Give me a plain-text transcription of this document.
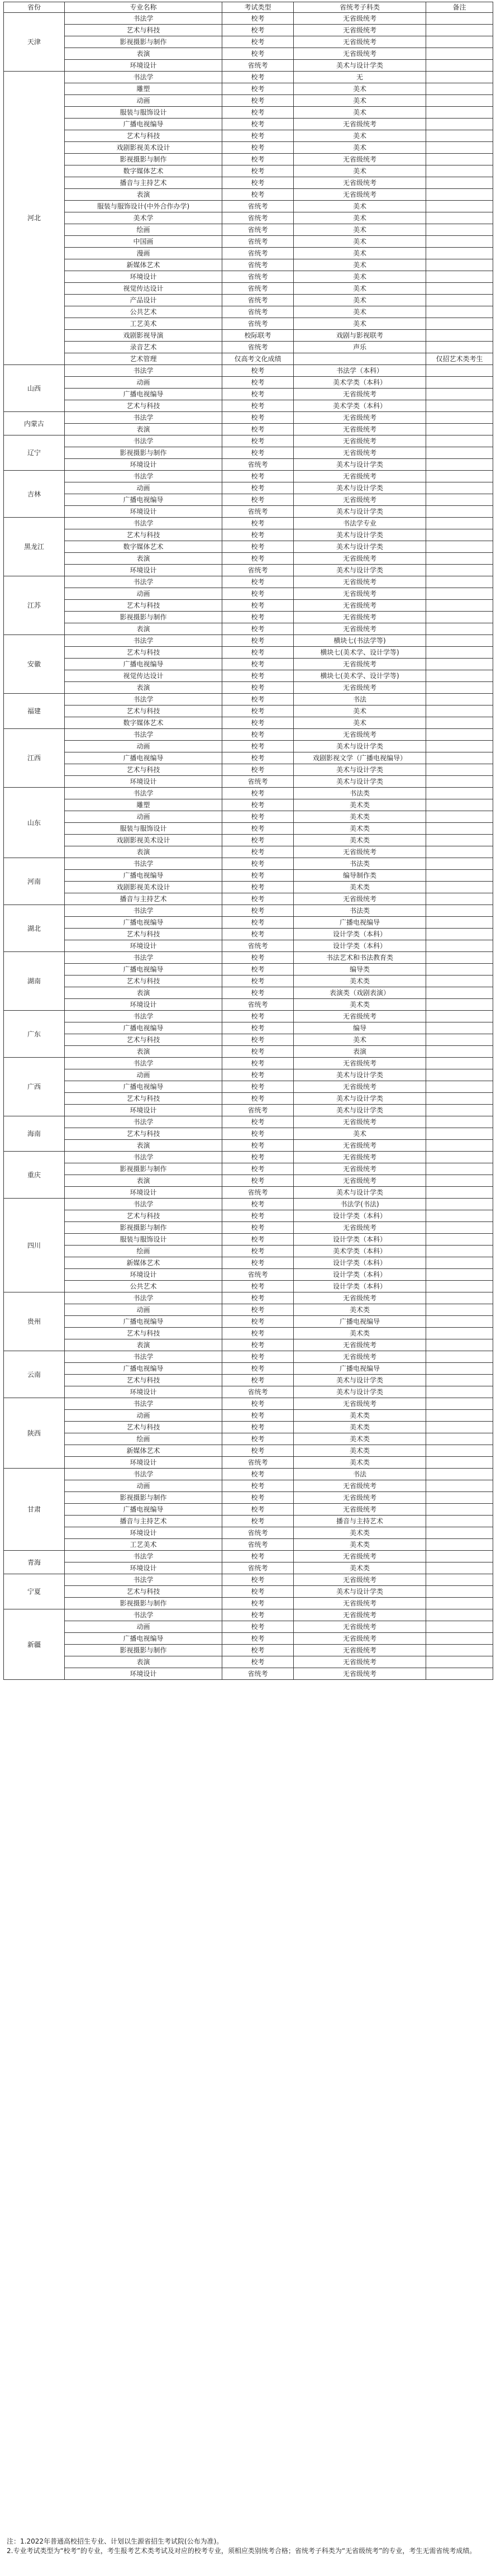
省份	专业名称	考试类型	省统考子科类	备注
天津	书法学	校考	无省级统考	
	艺术与科技	校考	无省级统考	
	影视摄影与制作	校考	无省级统考	
	表演	校考	无省级统考	
	环境设计	省统考	美术与设计学类	
河北	书法学	校考	无	
	雕塑	校考	美术	
	动画	校考	美术	
	服装与服饰设计	校考	美术	
	广播电视编导	校考	无省级统考	
	艺术与科技	校考	美术	
	戏剧影视美术设计	校考	美术	
	影视摄影与制作	校考	无省级统考	
	数字媒体艺术	校考	美术	
	播音与主持艺术	校考	无省级统考	
	表演	校考	无省级统考	
	服装与服饰设计(中外合作办学)	省统考	美术	
	美术学	省统考	美术	
	绘画	省统考	美术	
	中国画	省统考	美术	
	漫画	省统考	美术	
	新媒体艺术	省统考	美术	
	环境设计	省统考	美术	
	视觉传达设计	省统考	美术	
	产品设计	省统考	美术	
	公共艺术	省统考	美术	
	工艺美术	省统考	美术	
	戏剧影视导演	校际联考	戏剧与影视联考	
	录音艺术	省统考	声乐	
	艺术管理	仅高考文化成绩		仅招艺术类考生
山西	书法学	校考	书法学（本科）	
	动画	校考	美术学类（本科）	
	广播电视编导	校考	无省级统考	
	艺术与科技	校考	美术学类（本科）	
内蒙古	书法学	校考	无省级统考	
	表演	校考	无省级统考	
辽宁	书法学	校考	无省级统考	
	影视摄影与制作	校考	无省级统考	
	环境设计	省统考	美术与设计学类	
吉林	书法学	校考	无省级统考	
	动画	校考	美术与设计学类	
	广播电视编导	校考	无省级统考	
	环境设计	省统考	美术与设计学类	
黑龙江	书法学	校考	书法学专业	
	艺术与科技	校考	美术与设计学类	
	数字媒体艺术	校考	美术与设计学类	
	表演	校考	无省级统考	
	环境设计	省统考	美术与设计学类	
江苏	书法学	校考	无省级统考	
	动画	校考	无省级统考	
	艺术与科技	校考	无省级统考	
	影视摄影与制作	校考	无省级统考	
	表演	校考	无省级统考	
安徽	书法学	校考	横块七(书法学等)	
	艺术与科技	校考	横块七(美术学、设计学等)	
	广播电视编导	校考	无省级统考	
	视觉传达设计	校考	横块七(美术学、设计学等)	
	表演	校考	无省级统考	
福建	书法学	校考	书法	
	艺术与科技	校考	美术	
	数字媒体艺术	校考	美术	
江西	书法学	校考	无省级统考	
	动画	校考	美术与设计学类	
	广播电视编导	校考	戏剧影视文学（广播电视编导）	
	艺术与科技	校考	美术与设计学类	
	环境设计	省统考	美术与设计学类	
山东	书法学	校考	书法类	
	雕塑	校考	美术类	
	动画	校考	美术类	
	服装与服饰设计	校考	美术类	
	戏剧影视美术设计	校考	美术类	
	表演	校考	无省级统考	
河南	书法学	校考	书法类	
	广播电视编导	校考	编导制作类	
	戏剧影视美术设计	校考	美术类	
	播音与主持艺术	校考	无省级统考	
湖北	书法学	校考	书法类	
	广播电视编导	校考	广播电视编导	
	艺术与科技	校考	设计学类（本科）	
	环境设计	省统考	设计学类（本科）	
湖南	书法学	校考	书法艺术和书法教育类	
	广播电视编导	校考	编导类	
	艺术与科技	校考	美术类	
	表演	校考	表演类（戏剧表演）	
	环境设计	省统考	美术类	
广东	书法学	校考	无省级统考	
	广播电视编导	校考	编导	
	艺术与科技	校考	美术	
	表演	校考	表演	
广西	书法学	校考	无省级统考	
	动画	校考	美术与设计学类	
	广播电视编导	校考	无省级统考	
	艺术与科技	校考	美术与设计学类	
	环境设计	省统考	美术与设计学类	
海南	书法学	校考	无省级统考	
	艺术与科技	校考	美术	
	表演	校考	无省级统考	
重庆	书法学	校考	无省级统考	
	影视摄影与制作	校考	无省级统考	
	表演	校考	无省级统考	
	环境设计	省统考	美术与设计学类	
四川	书法学	校考	书法学(书法)	
	艺术与科技	校考	设计学类（本科）	
	影视摄影与制作	校考	无省级统考	
	服装与服饰设计	校考	设计学类（本科）	
	绘画	校考	美术学类（本科）	
	新媒体艺术	校考	设计学类（本科）	
	环境设计	省统考	设计学类（本科）	
	公共艺术	校考	设计学类（本科）	
贵州	书法学	校考	无省级统考	
	动画	校考	美术类	
	广播电视编导	校考	广播电视编导	
	艺术与科技	校考	美术类	
	表演	校考	无省级统考	
云南	书法学	校考	无省级统考	
	广播电视编导	校考	广播电视编导	
	艺术与科技	校考	美术与设计学类	
	环境设计	省统考	美术与设计学类	
陕西	书法学	校考	无省级统考	
	动画	校考	美术类	
	艺术与科技	校考	美术类	
	绘画	校考	美术类	
	新媒体艺术	校考	美术类	
	环境设计	省统考	美术类	
甘肃	书法学	校考	书法	
	动画	校考	无省级统考	
	影视摄影与制作	校考	无省级统考	
	广播电视编导	校考	无省级统考	
	播音与主持艺术	校考	播音与主持艺术	
	环境设计	省统考	美术类	
	工艺美术	省统考	美术类	
青海	书法学	校考	无省级统考	
	环境设计	省统考	美术类	
宁夏	书法学	校考	无省级统考	
	艺术与科技	校考	美术与设计学类	
	影视摄影与制作	校考	无省级统考	
新疆	书法学	校考	无省级统考	
	动画	校考	无省级统考	
	广播电视编导	校考	无省级统考	
	影视摄影与制作	校考	无省级统考	
	表演	校考	无省级统考	
	环境设计	省统考	无省级统考	

注：1.2022年普通高校招生专业、计划以生源省招生考试院(公布为准)。

2.专业考试类型为“校考”的专业，考生报考艺术类考试及对应的校考专业，须相应类别统考合格；省统考子科类为“无省级统考”的专业，考生无需省统考成绩。
